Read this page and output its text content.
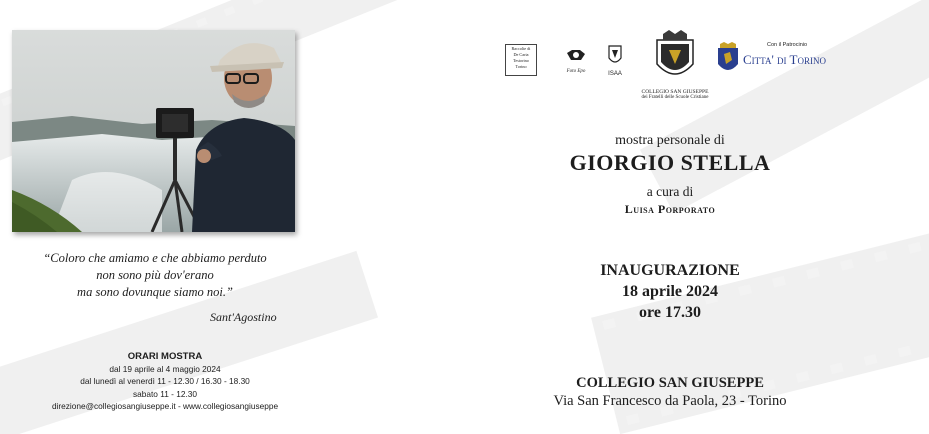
“Coloro che amiamo e che abbiamo perduto

non sono più dov'erano

ma sono dovunque siamo noi.”

Sant'Agostino
ORARI MOSTRA
dal 19 aprile al 4 maggio 2024
dal lunedì al venerdì 11 - 12.30 / 16.30 - 18.30
sabato 11 - 12.30
direzione@collegiosangiuseppe.it - www.collegiosangiuseppe
Raccolte di
De Caria
Testorino
Torino
Foto Epo	ISAA
COLLEGIO SAN GIUSEPPE
dei Fratelli delle Scuole Cristiane
Con il Patrocinio
Citta' di Torino
mostra personale di
GIORGIO STELLA
a cura di
Luisa Porporato
INAUGURAZIONE
18 aprile 2024
ore 17.30
COLLEGIO SAN GIUSEPPE
Via San Francesco da Paola, 23 - Torino
